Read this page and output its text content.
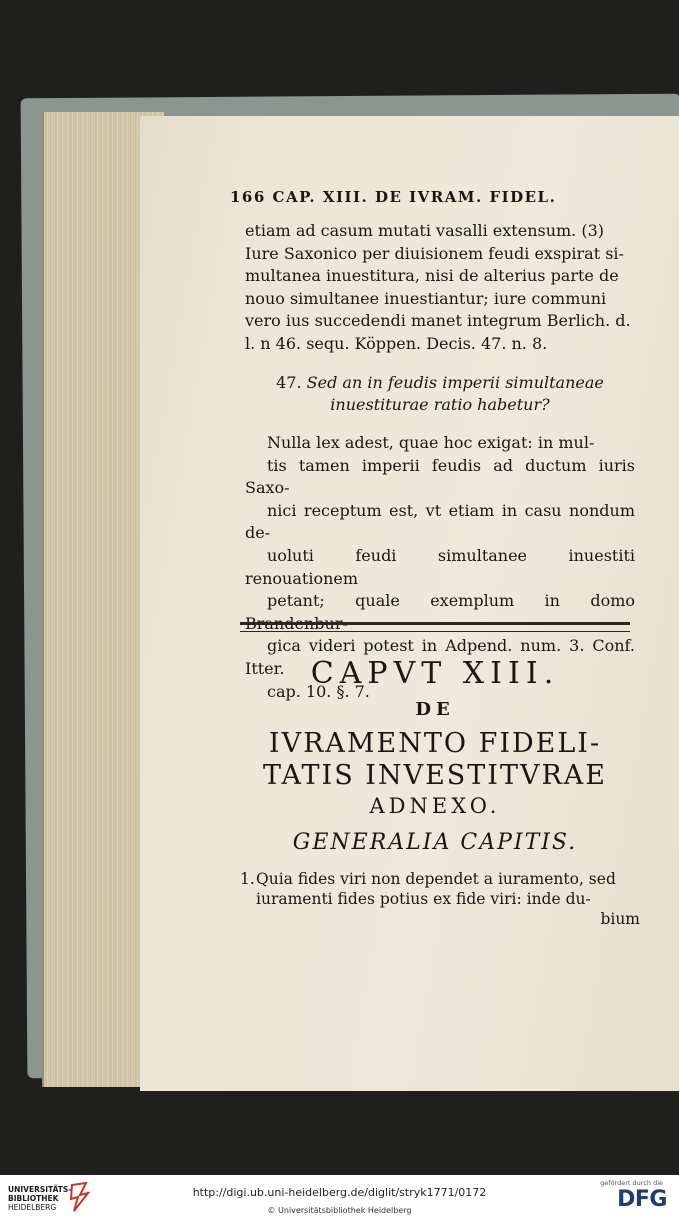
166 CAP. XIII. DE IVRAM. FIDEL.

etiam ad casum mutati vasalli extensum. (3)

Iure Saxonico per diuisionem feudi exspirat si-

multanea inuestitura, nisi de alterius parte de

nouo simultanee inuestiantur; iure communi

vero ius succedendi manet integrum Berlich. d.

l. n 46. sequ. Köppen. Decis. 47. n. 8.

47. Sed an in feudis imperii simultaneae
inuestiturae ratio habetur?

Nulla lex adest, quae hoc exigat: in mul-

tis tamen imperii feudis ad ductum iuris Saxo-

nici receptum est, vt etiam in casu nondum de-

uoluti feudi simultanee inuestiti renouationem

petant; quale exemplum in domo Brandenbur-

gica videri potest in Adpend. num. 3. Conf. Itter.

cap. 10. §. 7.

CAPVT XIII.
DE
IVRAMENTO FIDELI-
TATIS INVESTITVRAE
ADNEXO.
GENERALIA CAPITIS.
1.Quia fides viri non dependet a iuramento, sed
iuramenti fides potius ex fide viri: inde du-
bium
UNIVERSITÄTS-
BIBLIOTHEK
HEIDELBERG
http://digi.ub.uni-heidelberg.de/diglit/stryk1771/0172
© Universitätsbibliothek Heidelberg
gefördert durch die
DFG
